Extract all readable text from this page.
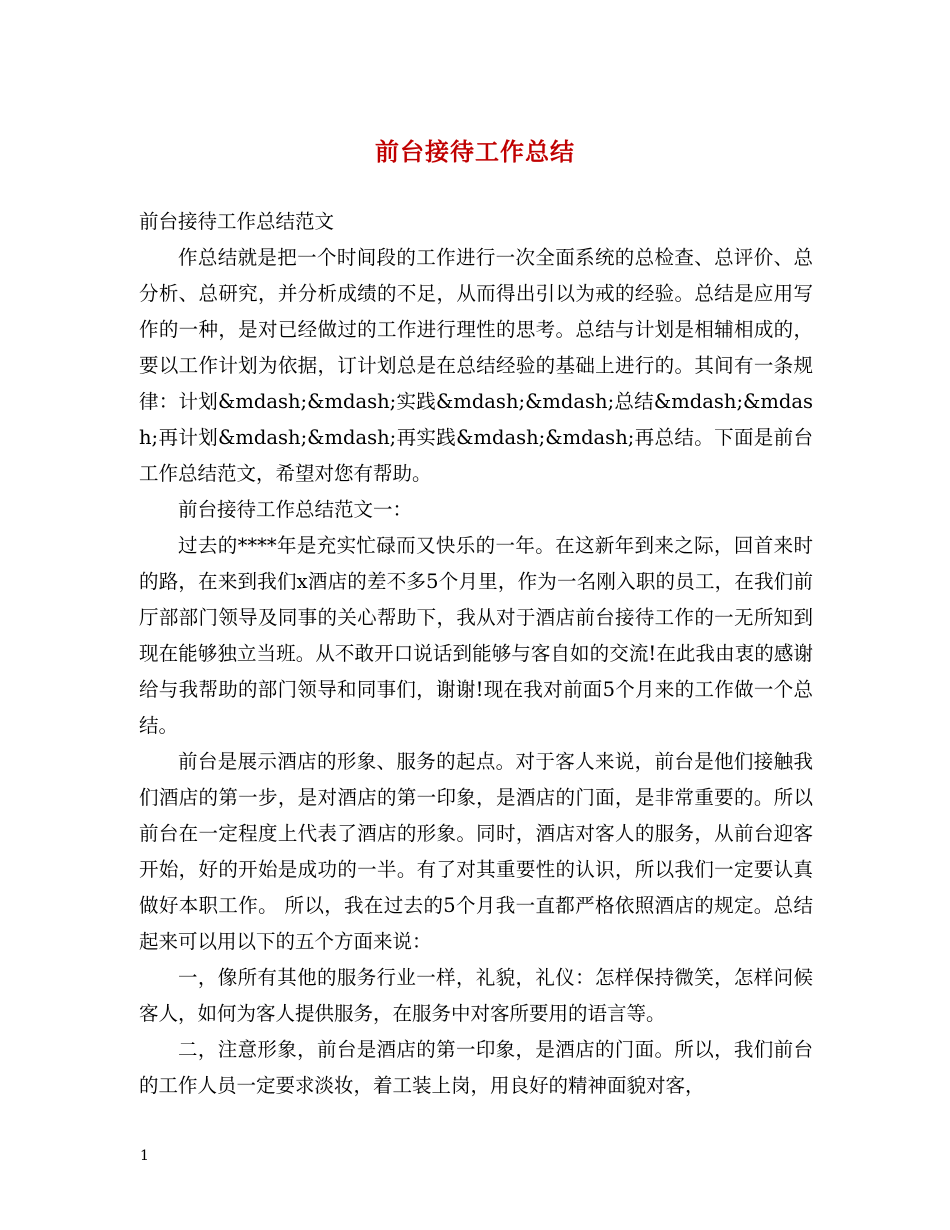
前台接待工作总结

前台接待工作总结范文

作总结就是把一个时间段的工作进行一次全面系统的总检查、总评价、总分析、总研究，并分析成绩的不足，从而得出引以为戒的经验。总结是应用写作的一种，是对已经做过的工作进行理性的思考。总结与计划是相辅相成的，要以工作计划为依据，订计划总是在总结经验的基础上进行的。其间有一条规律：计划&mdash;&mdash;实践&mdash;&mdash;总结&mdash;&mdash;再计划&mdash;&mdash;再实践&mdash;&mdash;再总结。下面是前台工作总结范文，希望对您有帮助。

前台接待工作总结范文一：

过去的****年是充实忙碌而又快乐的一年。在这新年到来之际，回首来时的路，在来到我们x酒店的差不多5个月里，作为一名刚入职的员工，在我们前厅部部门领导及同事的关心帮助下，我从对于酒店前台接待工作的一无所知到现在能够独立当班。从不敢开口说话到能够与客自如的交流!在此我由衷的感谢给与我帮助的部门领导和同事们，谢谢!现在我对前面5个月来的工作做一个总结。

前台是展示酒店的形象、服务的起点。对于客人来说，前台是他们接触我们酒店的第一步，是对酒店的第一印象，是酒店的门面，是非常重要的。所以前台在一定程度上代表了酒店的形象。同时，酒店对客人的服务，从前台迎客开始，好的开始是成功的一半。有了对其重要性的认识，所以我们一定要认真做好本职工作。 所以，我在过去的5个月我一直都严格依照酒店的规定。总结起来可以用以下的五个方面来说：

一，像所有其他的服务行业一样，礼貌，礼仪：怎样保持微笑，怎样问候客人，如何为客人提供服务，在服务中对客所要用的语言等。

二，注意形象，前台是酒店的第一印象，是酒店的门面。所以，我们前台的工作人员一定要求淡妆，着工装上岗，用良好的精神面貌对客，

1
